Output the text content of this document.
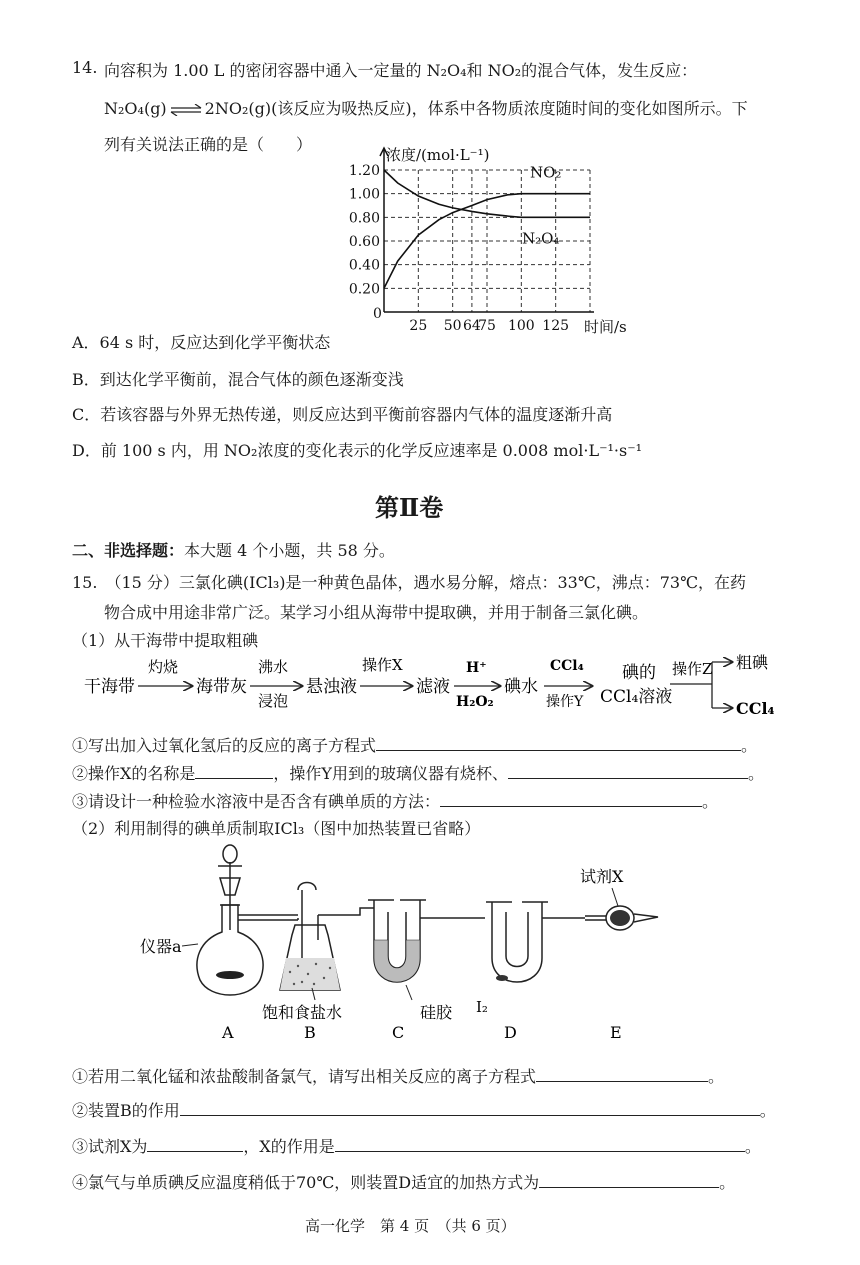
14. 向容积为 1.00 L 的密闭容器中通入一定量的 N₂O₄和 NO₂的混合气体，发生反应：
N₂O₄(g) ⇌ 2NO₂(g)(该反应为吸热反应)，体系中各物质浓度随时间的变化如图所示。下
列有关说法正确的是（　　）
浓度/(mol·L⁻¹)
NO₂
N₂O₄
1.20
1.00
0.80
0.60
0.40
0.20
25 50 64
75 100 125 时间/s
0
A．64 s 时，反应达到化学平衡状态
B．到达化学平衡前，混合气体的颜色逐渐变浅
C．若该容器与外界无热传递，则反应达到平衡前容器内气体的温度逐渐升高
D．前 100 s 内，用 NO₂浓度的变化表示的化学反应速率是 0.008 mol·L⁻¹·s⁻¹
第Ⅱ卷
二、非选择题：本大题 4 个小题，共 58 分。
15.　（15 分）三氯化碘(ICl₃)是一种黄色晶体，遇水易分解，熔点：33℃，沸点：73℃，在药
物合成中用途非常广泛。某学习小组从海带中提取碘，并用于制备三氯化碘。
（1）从干海带中提取粗碘
干海带
灼烧
海带灰
沸水
浸泡
悬浊液
操作X
滤液
H⁺
H₂O₂
碘水
CCl₄
操作Y
碘的
CCl₄溶液
操作Z 粗碘
CCl₄
①写出加入过氧化氢后的反应的离子方程式	。
②操作X的名称是	，操作Y用到的玻璃仪器有烧杯、	。
③请设计一种检验水溶液中是否含有碘单质的方法：	。
（2）利用制得的碘单质制取ICl₃（图中加热装置已省略）
仪器a
饱和食盐水	硅胶 I₂
试剂X
A	B	C	D	E
①若用二氧化锰和浓盐酸制备氯气，请写出相关反应的离子方程式	。
②装置B的作用	。
③试剂X为	，X的作用是	。
④氯气与单质碘反应温度稍低于70℃，则装置D适宜的加热方式为	。
高一化学　第 4 页　（共 6 页）
